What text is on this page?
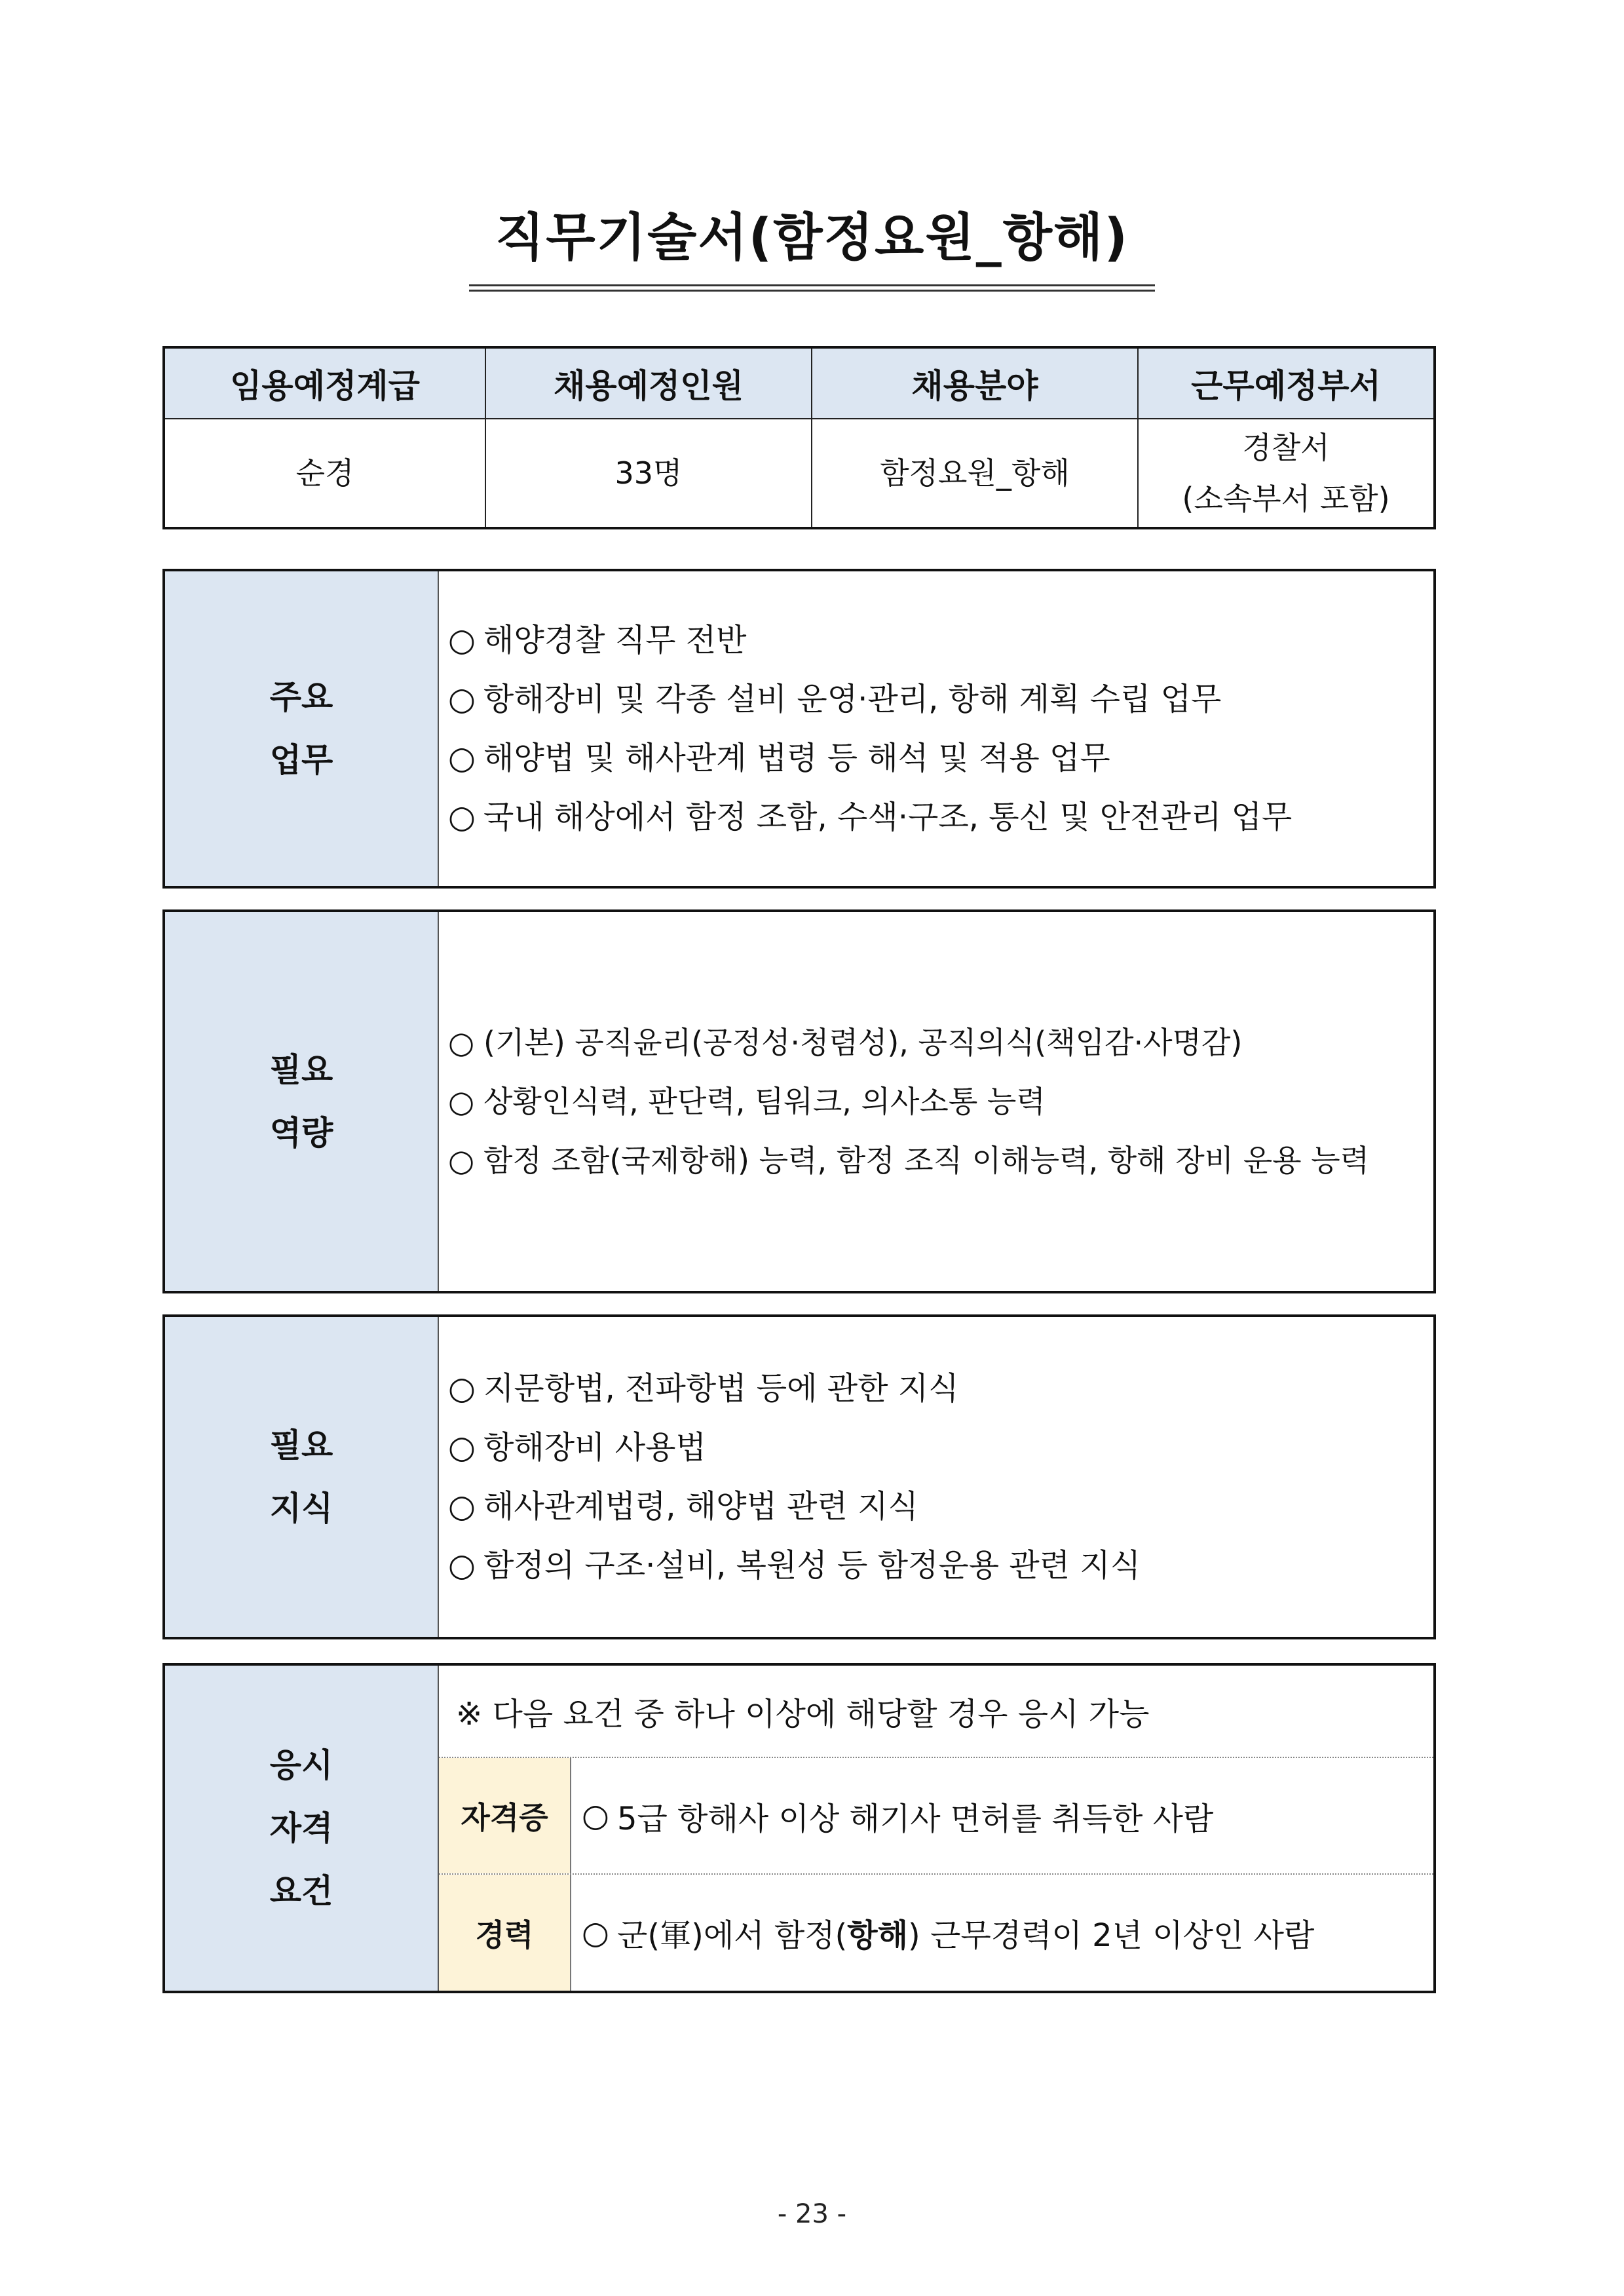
직무기술서(함정요원_항해)
임용예정계급	채용예정인원	채용분야	근무예정부서
순경	33명	함정요원_항해	경찰서
(소속부서 포함)
주요
업무
○ 해양경찰 직무 전반
○ 항해장비 및 각종 설비 운영·관리, 항해 계획 수립 업무
○ 해양법 및 해사관계 법령 등 해석 및 적용 업무
○ 국내 해상에서 함정 조함, 수색·구조, 통신 및 안전관리 업무
필요
역량
○ (기본) 공직윤리(공정성·청렴성), 공직의식(책임감·사명감)
○ 상황인식력, 판단력, 팀워크, 의사소통 능력
○ 함정 조함(국제항해) 능력, 함정 조직 이해능력, 항해 장비 운용 능력
필요
지식
○ 지문항법, 전파항법 등에 관한 지식
○ 항해장비 사용법
○ 해사관계법령, 해양법 관련 지식
○ 함정의 구조·설비, 복원성 등 함정운용 관련 지식
응시
자격
요건
※ 다음 요건 중 하나 이상에 해당할 경우 응시 가능
자격증	○ 5급 항해사 이상 해기사 면허를 취득한 사람
경력	○ 군(軍)에서 함정( 항해 ) 근무경력이 2년 이상인 사람
- 23 -
